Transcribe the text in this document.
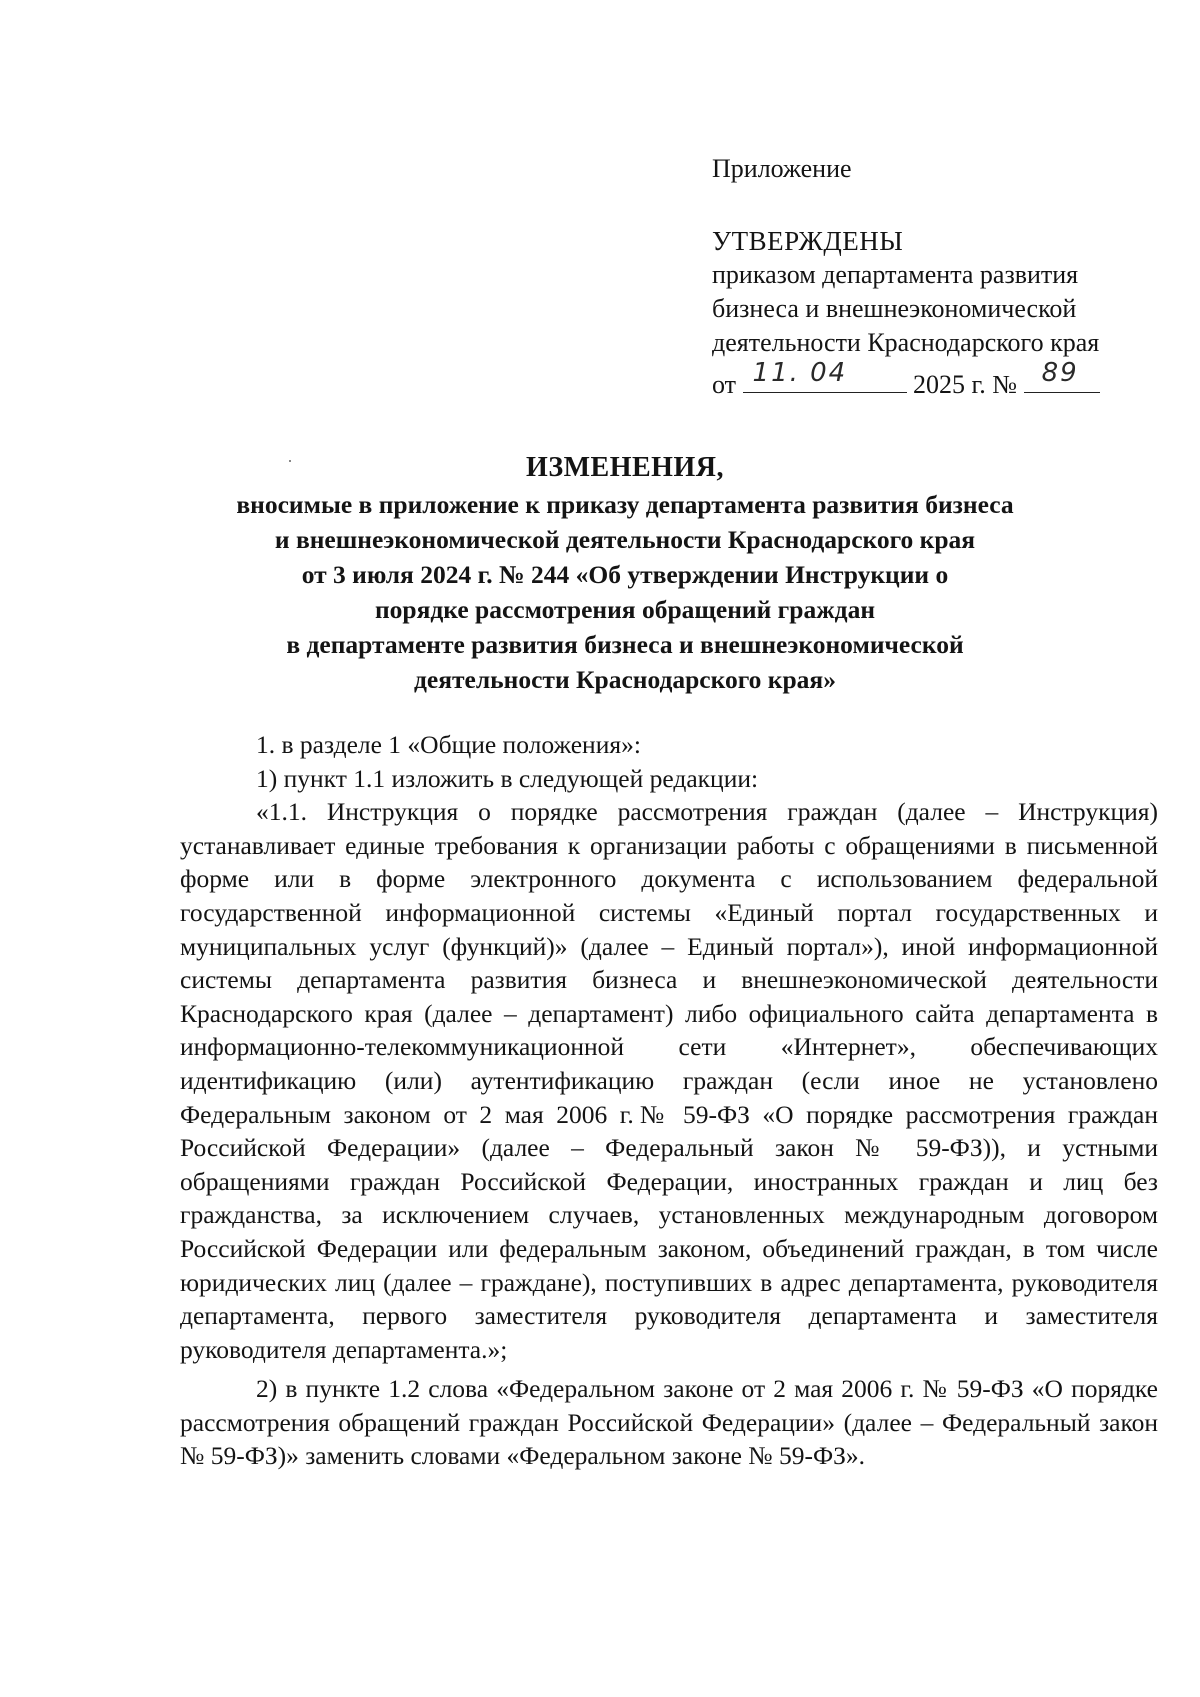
Приложение
УТВЕРЖДЕНЫ
приказом департамента развития
бизнеса и внешнеэкономической
деятельности Краснодарского края
от 11. 04	2025 г. № 89
ИЗМЕНЕНИЯ,
вносимые в приложение к приказу департамента развития бизнеса
и внешнеэкономической деятельности Краснодарского края
от 3 июля 2024 г. № 244 «Об утверждении Инструкции о
порядке рассмотрения обращений граждан
в департаменте развития бизнеса и внешнеэкономической
деятельности Краснодарского края»

1. в разделе 1 «Общие положения»:

1) пункт 1.1 изложить в следующей редакции:

«1.1. Инструкция о порядке рассмотрения граждан (далее – Инструкция) устанавливает единые требования к организации работы с обращениями в письменной форме или в форме электронного документа с использованием федеральной государственной информационной системы «Единый портал государственных и муниципальных услуг (функций)» (далее – Единый портал»), иной информационной системы департамента развития бизнеса и внешнеэкономической деятельности Краснодарского края (далее – департамент) либо официального сайта департамента в информационно-телекоммуникационной сети «Интернет», обеспечивающих идентификацию (или) аутентификацию граждан (если иное не установлено Федеральным законом от 2 мая 2006 г.№ 59-ФЗ «О порядке рассмотрения граждан Российской Федерации» (далее – Федеральный закон № 59-ФЗ)), и устными обращениями граждан Российской Федерации, иностранных граждан и лиц без гражданства, за исключением случаев, установленных международным договором Российской Федерации или федеральным законом, объединений граждан, в том числе юридических лиц (далее – граждане), поступивших в адрес департамента, руководителя департамента, первого заместителя руководителя департамента и заместителя руководителя департамента.»;

2) в пункте 1.2 слова «Федеральном законе от 2 мая 2006 г. № 59-ФЗ «О порядке рассмотрения обращений граждан Российской Федерации» (далее – Федеральный закон № 59-ФЗ)» заменить словами «Федеральном законе № 59-ФЗ».
